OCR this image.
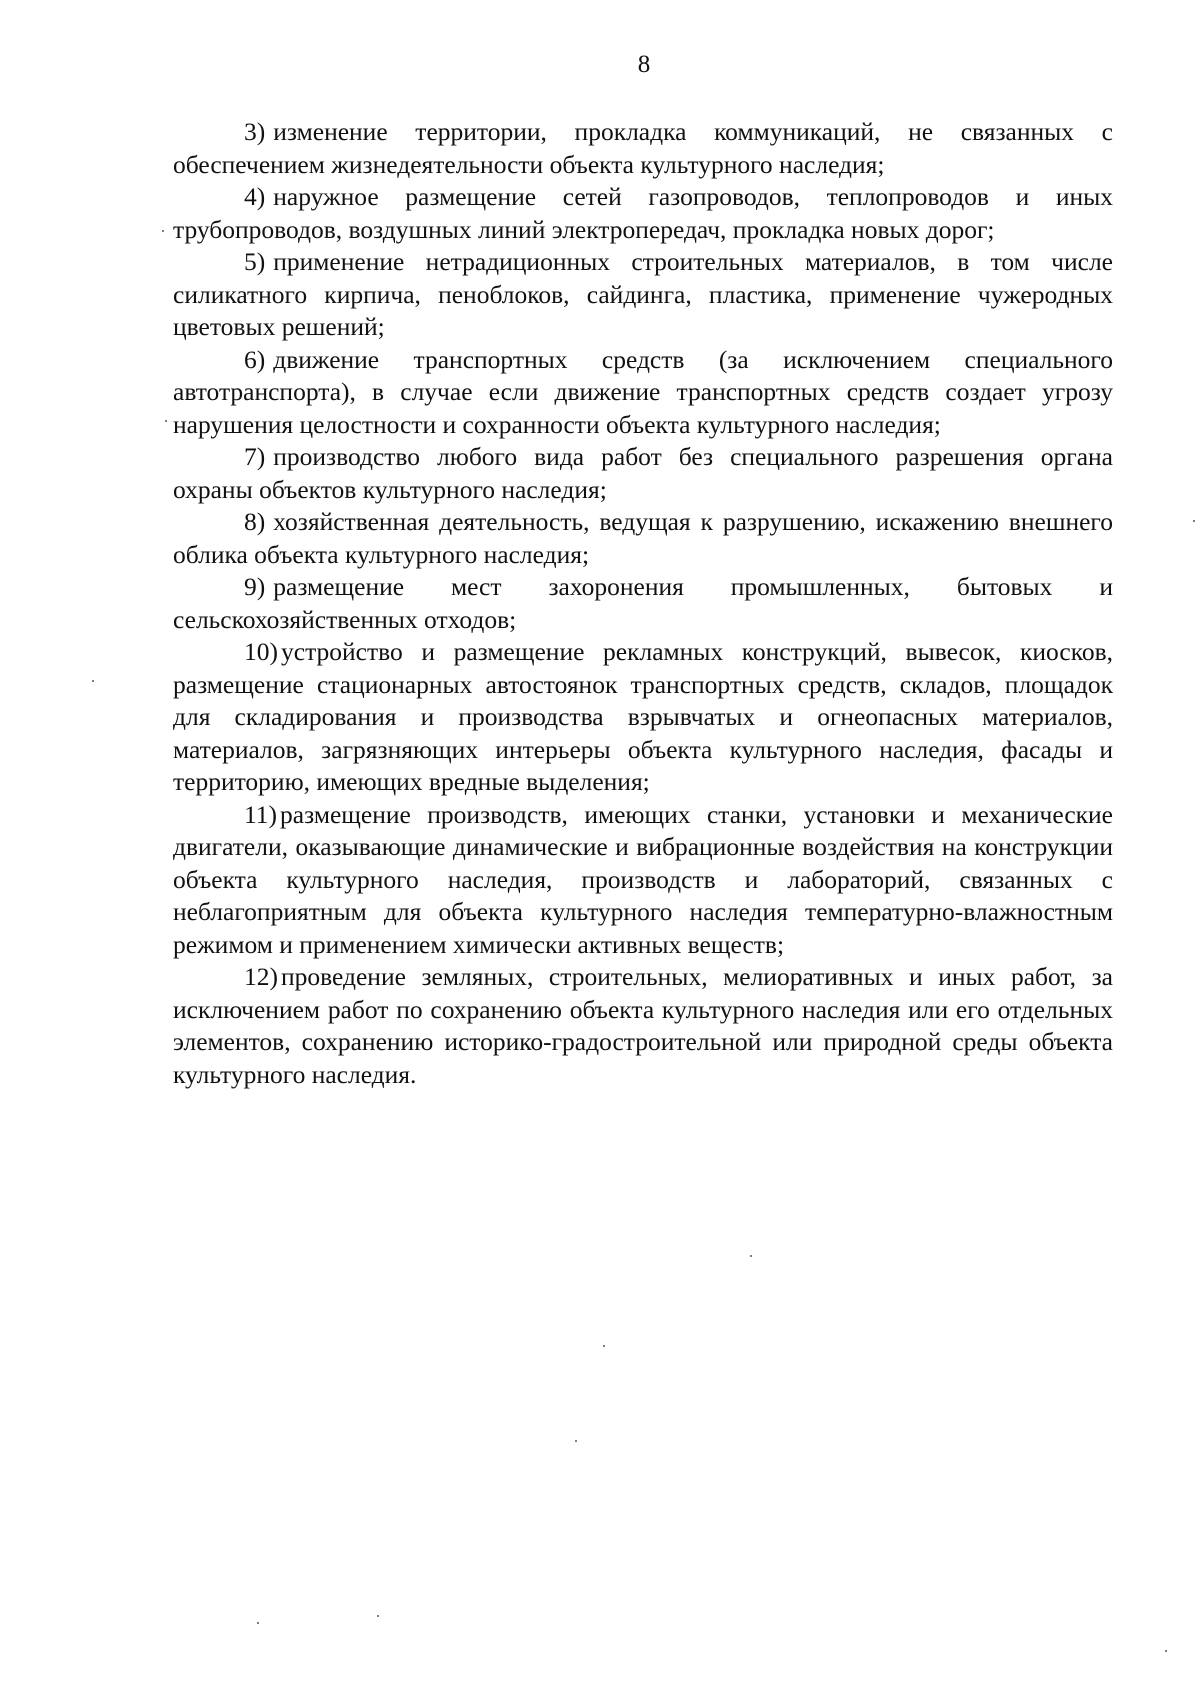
8

3) изменение территории, прокладка коммуникаций, не связанных с обеспечением жизнедеятельности объекта культурного наследия;

4) наружное размещение сетей газопроводов, теплопроводов и иных трубопроводов, воздушных линий электропередач, прокладка новых дорог;

5) применение нетрадиционных строительных материалов, в том числе силикатного кирпича, пеноблоков, сайдинга, пластика, применение чужеродных цветовых решений;

6) движение транспортных средств (за исключением специального автотранспорта), в случае если движение транспортных средств создает угрозу нарушения целостности и сохранности объекта культурного наследия;

7) производство любого вида работ без специального разрешения органа охраны объектов культурного наследия;

8) хозяйственная деятельность, ведущая к разрушению, искажению внешнего облика объекта культурного наследия;

9) размещение мест захоронения промышленных, бытовых и сельскохозяйственных отходов;

10) устройство и размещение рекламных конструкций, вывесок, киосков, размещение стационарных автостоянок транспортных средств, складов, площадок для складирования и производства взрывчатых и огнеопасных материалов, материалов, загрязняющих интерьеры объекта культурного наследия, фасады и территорию, имеющих вредные выделения;

11) размещение производств, имеющих станки, установки и механические двигатели, оказывающие динамические и вибрационные воздействия на конструкции объекта культурного наследия, производств и лабораторий, связанных с неблагоприятным для объекта культурного наследия температурно-влажностным режимом и применением химически активных веществ;

12) проведение земляных, строительных, мелиоративных и иных работ, за исключением работ по сохранению объекта культурного наследия или его отдельных элементов, сохранению историко-градостроительной или природной среды объекта культурного наследия.
